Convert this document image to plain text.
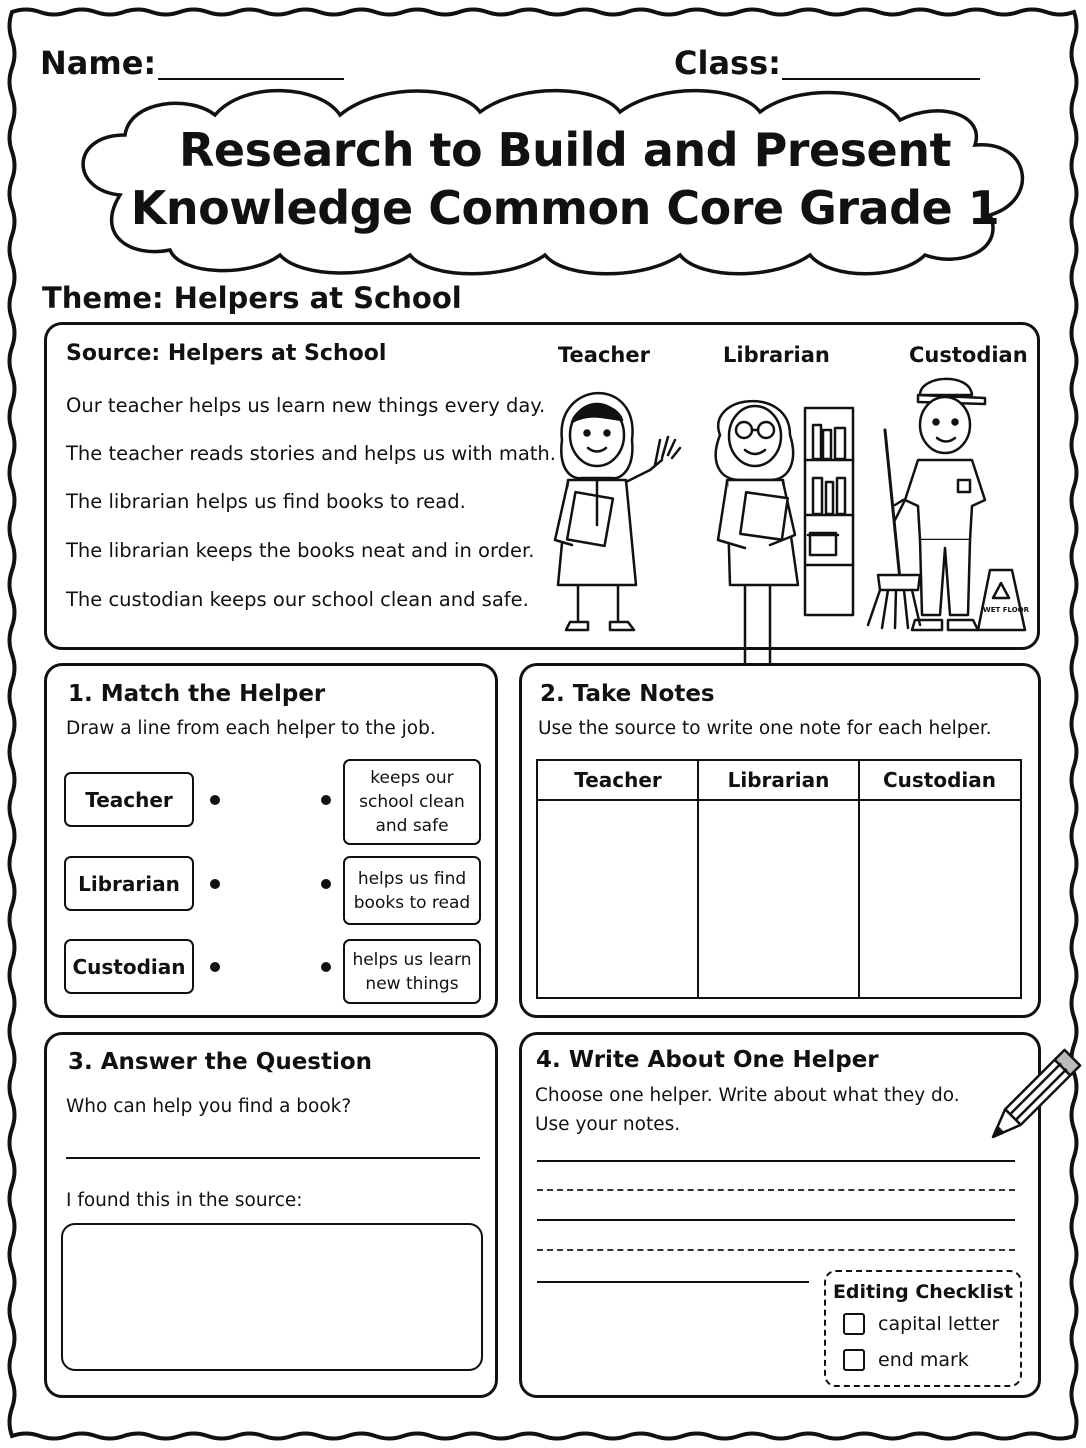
Name:	Class:
Research to Build and Present
Knowledge Common Core Grade 1
Theme: Helpers at School
Source: Helpers at School
Our teacher helps us learn new things every day.
The teacher reads stories and helps us with math.
The librarian helps us find books to read.
The librarian keeps the books neat and in order.
The custodian keeps our school clean and safe.
Teacher	Librarian	Custodian
WET FLOOR
1. Match the Helper
Draw a line from each helper to the job.
Teacher
Librarian
Custodian
keeps our
school clean
and safe
helps us find
books to read
helps us learn
new things
2. Take Notes
Use the source to write one note for each helper.
Teacher	Librarian	Custodian
3. Answer the Question
Who can help you find a book?
I found this in the source:
4. Write About One Helper
Choose one helper. Write about what they do.
Use your notes.
Editing Checklist
capital letter
end mark
